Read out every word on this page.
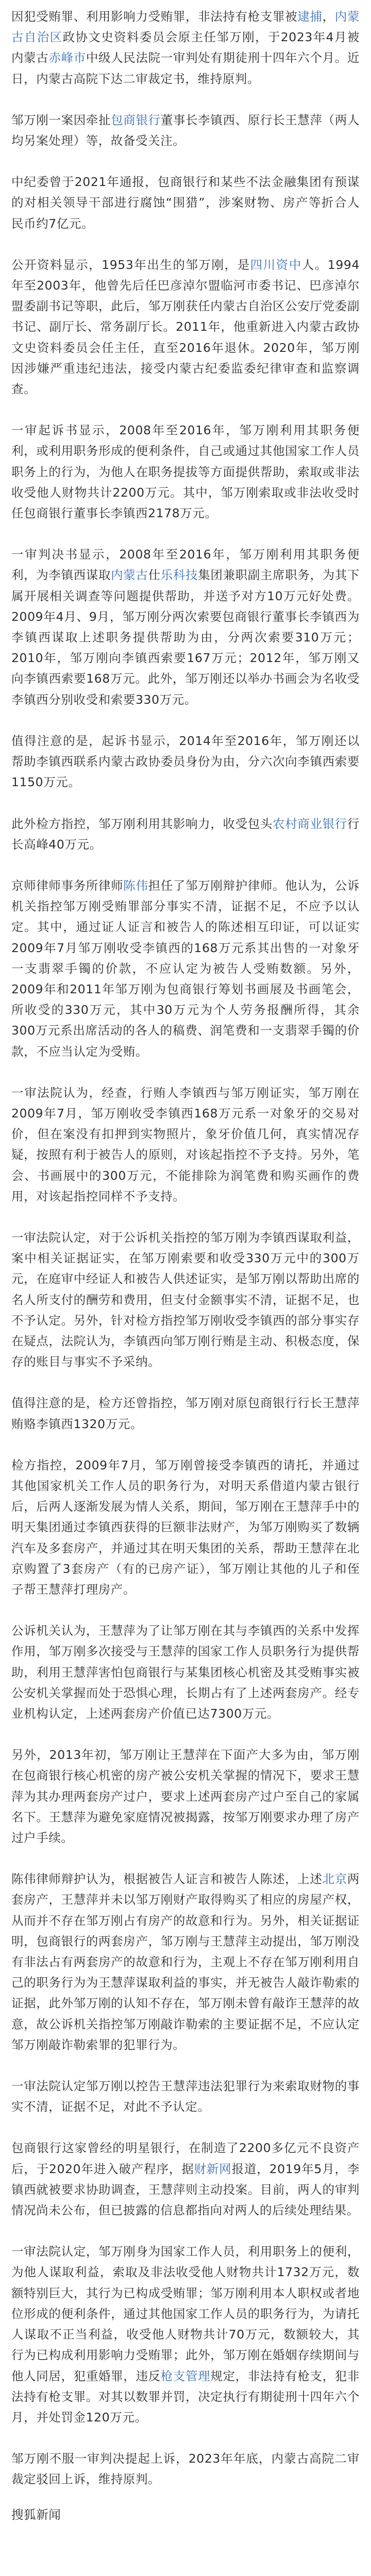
因犯受贿罪、利用影响力受贿罪，非法持有枪支罪被逮捕，内蒙古自治区政协文史资料委员会原主任邹万刚，于2023年4月被内蒙古赤峰市中级人民法院一审判处有期徒刑十四年六个月。近日，内蒙古高院下达二审裁定书，维持原判。

邹万刚一案因牵扯包商银行董事长李镇西、原行长王慧萍（两人均另案处理）等，故备受关注。

中纪委曾于2021年通报，包商银行和某些不法金融集团有预谋的对相关领导干部进行腐蚀“围猎”，涉案财物、房产等折合人民币约7亿元。

公开资料显示，1953年出生的邹万刚，是四川资中人。1994年至2003年，他曾先后任巴彦淖尔盟临河市委书记、巴彦淖尔盟委副书记等职，此后，邹万刚获任内蒙古自治区公安厅党委副书记、副厅长、常务副厅长。2011年，他重新进入内蒙古政协文史资料委员会任主任，直至2016年退休。2020年，邹万刚因涉嫌严重违纪违法，接受内蒙古纪委监委纪律审查和监察调查。

一审起诉书显示，2008年至2016年，邹万刚利用其职务便利，或利用职务形成的便利条件，自己或通过其他国家工作人员职务上的行为，为他人在职务提拔等方面提供帮助，索取或非法收受他人财物共计2200万元。其中，邹万刚索取或非法收受时任包商银行董事长李镇西2178万元。

一审判决书显示，2008年至2016年，邹万刚利用其职务便利，为李镇西谋取内蒙古仕乐科技集团兼职副主席职务，为其下属开展相关调查等问题提供帮助，并送予对方10万元好处费。2009年4月、9月，邹万刚分两次索要包商银行董事长李镇西为李镇西谋取上述职务提供帮助为由，分两次索要310万元；2010年，邹万刚向李镇西索要167万元；2012年，邹万刚又向李镇西索要168万元。此外，邹万刚还以举办书画会为名收受李镇西分别收受和索要330万元。

值得注意的是，起诉书显示，2014年至2016年，邹万刚还以帮助李镇西联系内蒙古政协委员身份为由，分六次向李镇西索要1150万元。

此外检方指控，邹万刚利用其影响力，收受包头农村商业银行行长高峰40万元。

京师律师事务所律师陈伟担任了邹万刚辩护律师。他认为，公诉机关指控邹万刚受贿罪部分事实不清，证据不足，不应予以认定。其中，通过证人证言和被告人的陈述相互印证，可以证实2009年7月邹万刚收受李镇西的168万元系其出售的一对象牙一支翡翠手镯的价款，不应认定为被告人受贿数额。另外，2009年和2011年邹万刚为包商银行筹划书画展及书画笔会，所收受的330万元，其中30万元为个人劳务报酬所得，其余300万元系出席活动的各人的稿费、润笔费和一支翡翠手镯的价款，不应当认定为受贿。

一审法院认为，经查，行贿人李镇西与邹万刚证实，邹万刚在2009年7月，邹万刚收受李镇西168万元系一对象牙的交易对价，但在案没有扣押到实物照片，象牙价值几何，真实情况存疑，按照有利于被告人的原则，对该起指控不予支持。另外，笔会、书画展中的300万元，不能排除为润笔费和购买画作的费用，对该起指控同样不予支持。

一审法院认定，对于公诉机关指控的邹万刚为李镇西谋取利益，案中相关证据证实，在邹万刚索要和收受330万元中的300万元，在庭审中经证人和被告人供述证实，是邹万刚以帮助出席的名人所支付的酬劳和费用，但支付金额事实不清，证据不足，也不予认定。另外，针对检方指控邹万刚收受李镇西的部分事实存在疑点，法院认为，李镇西向邹万刚行贿是主动、积极态度，保存的账目与事实不予采纳。

值得注意的是，检方还曾指控，邹万刚对原包商银行行长王慧萍贿赂李镇西1320万元。

检方指控，2009年7月，邹万刚曾接受李镇西的请托，并通过其他国家机关工作人员的职务行为，对明天系借道内蒙古银行后，后两人逐渐发展为情人关系，期间，邹万刚在王慧萍手中的明天集团通过李镇西获得的巨额非法财产，为邹万刚购买了数辆汽车及多套房产，并通过其在明天集团的关系，帮助王慧萍在北京购置了3套房产（有的已房产证），邹万刚让其他的儿子和侄子帮王慧萍打理房产。

公诉机关认为，王慧萍为了让邹万刚在其与李镇西的关系中发挥作用，邹万刚多次接受与王慧萍的国家工作人员职务行为提供帮助，利用王慧萍害怕包商银行与某集团核心机密及其受贿事实被公安机关掌握而处于恐惧心理，长期占有了上述两套房产。经专业机构认定，上述两套房产价值已达7300万元。

另外，2013年初，邹万刚让王慧萍在下面产大多为由，邹万刚在包商银行核心机密的房产被公安机关掌握的情况下，要求王慧萍为其办理两套房产过户，要求上述两套房产过户至自己的家属名下。王慧萍为避免家庭情况被揭露，按邹万刚要求办理了房产过户手续。

陈伟律师辩护认为，根据被告人证言和被告人陈述，上述北京两套房产，王慧萍并未以邹万刚财产取得购买了相应的房屋产权，从而并不存在邹万刚占有房产的故意和行为。另外，相关证据证明，包商银行的两套房产，邹万刚与王慧萍主动提出，邹万刚没有非法占有两套房产的故意和行为，主观上不存在邹万刚利用自己的职务行为为王慧萍谋取利益的事实，并无被告人敲诈勒索的证据，此外邹万刚的认知不存在，邹万刚未曾有敲诈王慧萍的故意，故公诉机关指控邹万刚敲诈勒索的主要证据不足，不应认定邹万刚敲诈勒索罪的犯罪行为。

一审法院认定邹万刚以控告王慧萍违法犯罪行为来索取财物的事实不清，证据不足，对此不予认定。

包商银行这家曾经的明星银行，在制造了2200多亿元不良资产后，于2020年进入破产程序，据财新网报道，2019年5月，李镇西就被要求协助调查，王慧萍则主动投案。目前，两人的审判情况尚未公布，但已披露的信息都指向对两人的后续处理结果。

一审法院认定，邹万刚身为国家工作人员，利用职务上的便利，为他人谋取利益，索取及非法收受他人财物共计1732万元，数额特别巨大，其行为已构成受贿罪；邹万刚利用本人职权或者地位形成的便利条件，通过其他国家工作人员的职务行为，为请托人谋取不正当利益，收受他人财物共计70万元，数额较大，其行为已构成利用影响力受贿罪；此外，邹万刚在婚姻存续期间与他人同居，犯重婚罪，违反枪支管理规定，非法持有枪支，犯非法持有枪支罪。对其以数罪并罚，决定执行有期徒刑十四年六个月，并处罚金120万元。

邹万刚不服一审判决提起上诉，2023年年底，内蒙古高院二审裁定驳回上诉，维持原判。

搜狐新闻
